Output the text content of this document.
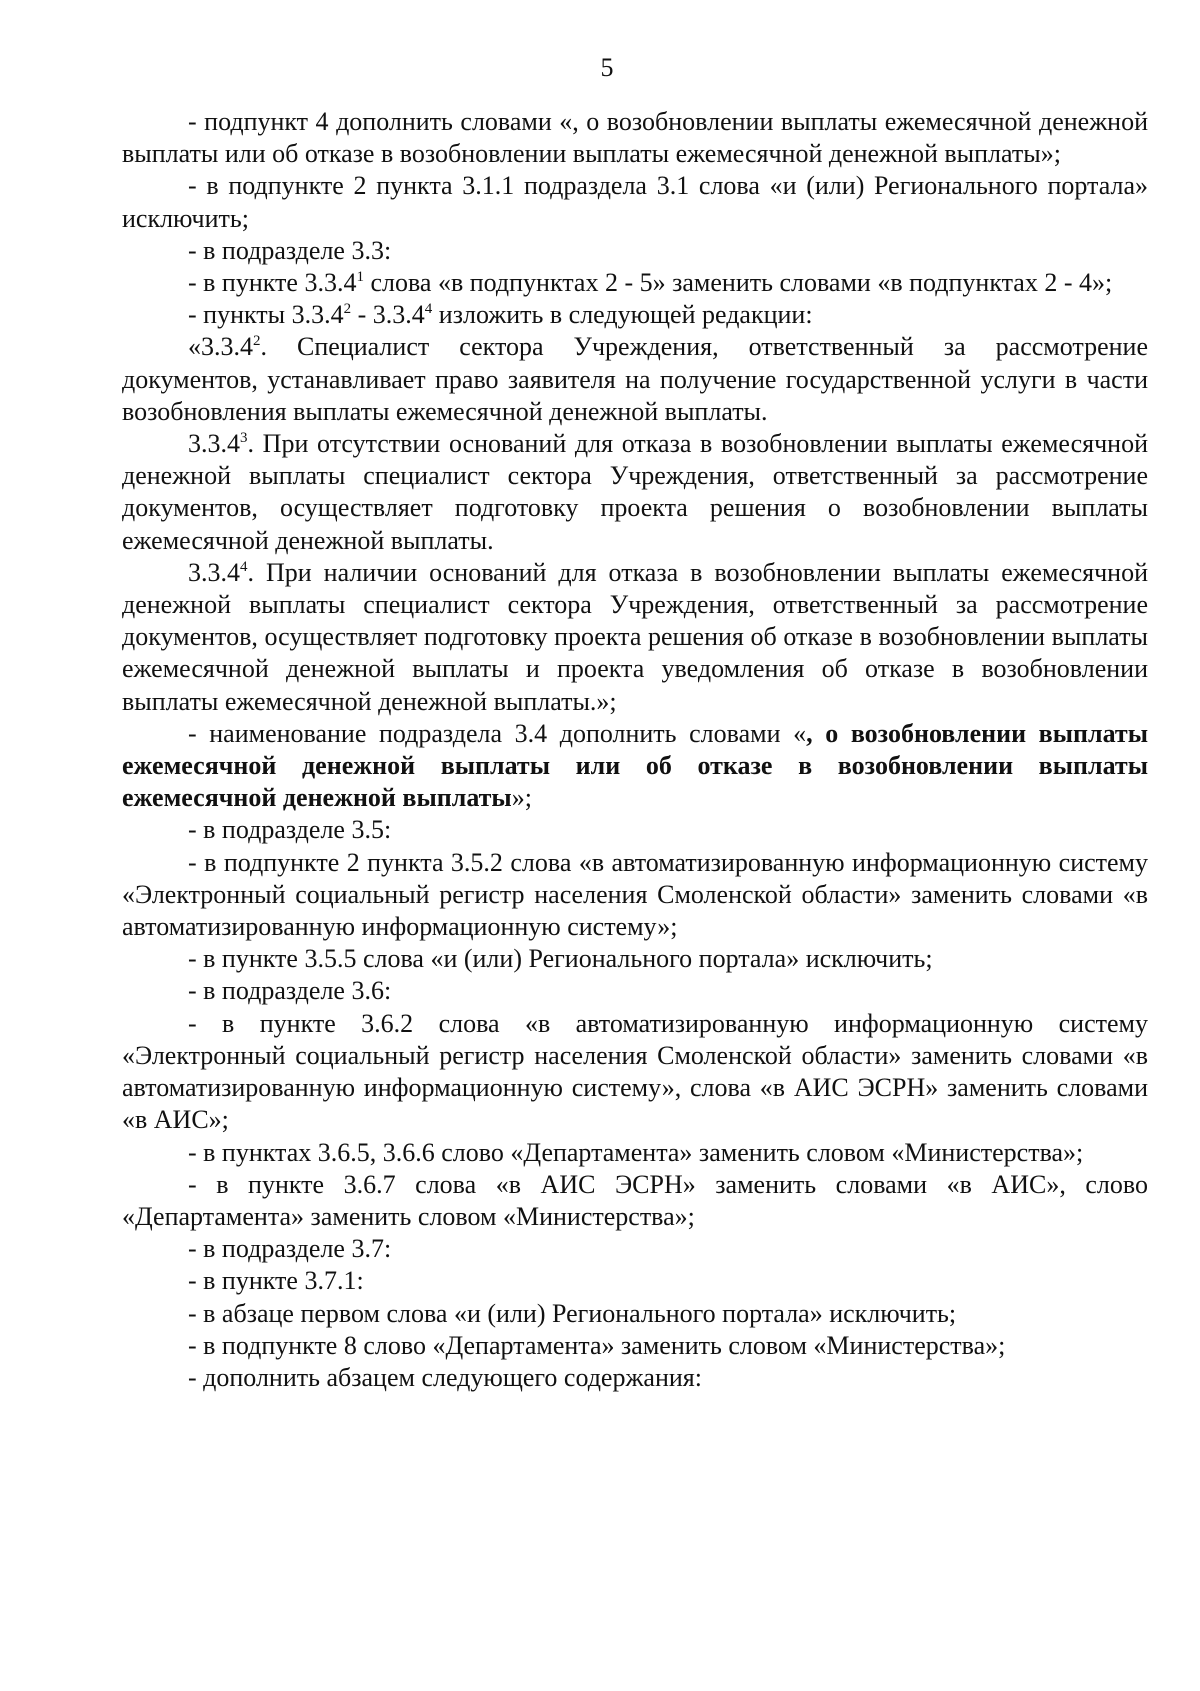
5

- подпункт 4 дополнить словами «, о возобновлении выплаты ежемесячной денежной выплаты или об отказе в возобновлении выплаты ежемесячной денежной выплаты»;

- в подпункте 2 пункта 3.1.1 подраздела 3.1 слова «и (или) Регионального портала» исключить;

- в подразделе 3.3:

- в пункте 3.3.4$^1$ слова «в подпунктах 2 - 5» заменить словами «в подпунктах 2 - 4»;

- пункты 3.3.4$^2$ - 3.3.4$^4$ изложить в следующей редакции:

«3.3.4$^2$. Специалист сектора Учреждения, ответственный за рассмотрение документов, устанавливает право заявителя на получение государственной услуги в части возобновления выплаты ежемесячной денежной выплаты.

3.3.4$^3$. При отсутствии оснований для отказа в возобновлении выплаты ежемесячной денежной выплаты специалист сектора Учреждения, ответственный за рассмотрение документов, осуществляет подготовку проекта решения о возобновлении выплаты ежемесячной денежной выплаты.

3.3.4$^4$. При наличии оснований для отказа в возобновлении выплаты ежемесячной денежной выплаты специалист сектора Учреждения, ответственный за рассмотрение документов, осуществляет подготовку проекта решения об отказе в возобновлении выплаты ежемесячной денежной выплаты и проекта уведомления об отказе в возобновлении выплаты ежемесячной денежной выплаты.»;

- наименование подраздела 3.4 дополнить словами «, о возобновлении выплаты ежемесячной денежной выплаты или об отказе в возобновлении выплаты ежемесячной денежной выплаты»;

- в подразделе 3.5:

- в подпункте 2 пункта 3.5.2 слова «в автоматизированную информационную систему «Электронный социальный регистр населения Смоленской области» заменить словами «в автоматизированную информационную систему»;

- в пункте 3.5.5 слова «и (или) Регионального портала» исключить;

- в подразделе 3.6:

- в пункте 3.6.2 слова «в автоматизированную информационную систему «Электронный социальный регистр населения Смоленской области» заменить словами «в автоматизированную информационную систему», слова «в АИС ЭСРН» заменить словами «в АИС»;

- в пунктах 3.6.5, 3.6.6 слово «Департамента» заменить словом «Министерства»;

- в пункте 3.6.7 слова «в АИС ЭСРН» заменить словами «в АИС», слово «Департамента» заменить словом «Министерства»;

- в подразделе 3.7:

- в пункте 3.7.1:

- в абзаце первом слова «и (или) Регионального портала» исключить;

- в подпункте 8 слово «Департамента» заменить словом «Министерства»;

- дополнить абзацем следующего содержания:
